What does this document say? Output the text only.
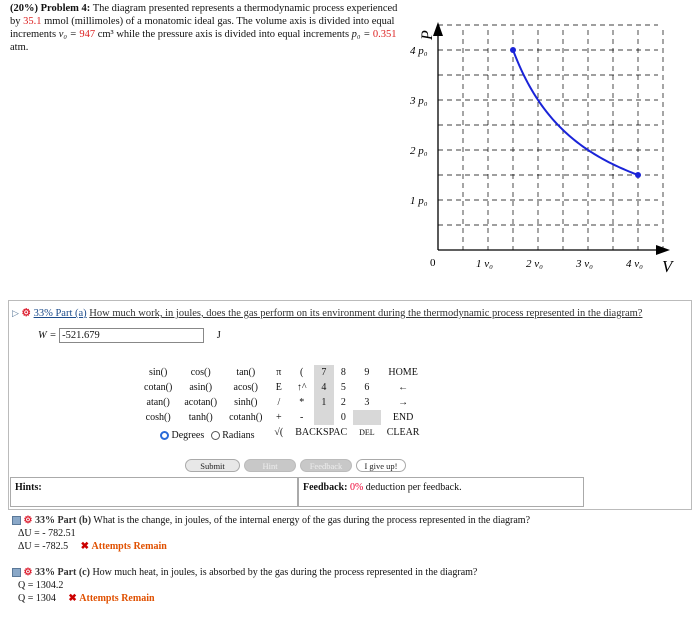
(20%) Problem 4: The diagram presented represents a thermodynamic process experienced by 35.1 mmol (millimoles) of a monatomic ideal gas. The volume axis is divided into equal increments v₀ = 947 cm³ while the pressure axis is divided into equal increments p₀ = 0.351 atm.
P
V
0
1 p₀
2 p₀
3 p₀
4 p₀
1 v₀	2 v₀	3 v₀	4 v₀
▷ ⚙ 33% Part (a) How much work, in joules, does the gas perform on its environment during the thermodynamic process represented in the diagram?
W = -521.679	J
sin()	cos()	tan()	π	(	7	8	9	HOME
cotan()	asin()	acos()	E	↑^	4	5	6	←
atan()	acotan()	sinh()	/	*	1	2	3	→
cosh()	tanh()	cotanh()	+	-		0		END
			√(	BACKSPAC			DEL	CLEAR
Degrees Radians
Submit	Hint	Feedback	I give up!
Hints:	Feedback: 0% deduction per feedback.
⚙ 33% Part (b) What is the change, in joules, of the internal energy of the gas during the process represented in the diagram?
ΔU = - 782.51
ΔU = -782.5 ✖ Attempts Remain
⚙ 33% Part (c) How much heat, in joules, is absorbed by the gas during the process represented in the diagram?
Q = 1304.2
Q = 1304 ✖ Attempts Remain
